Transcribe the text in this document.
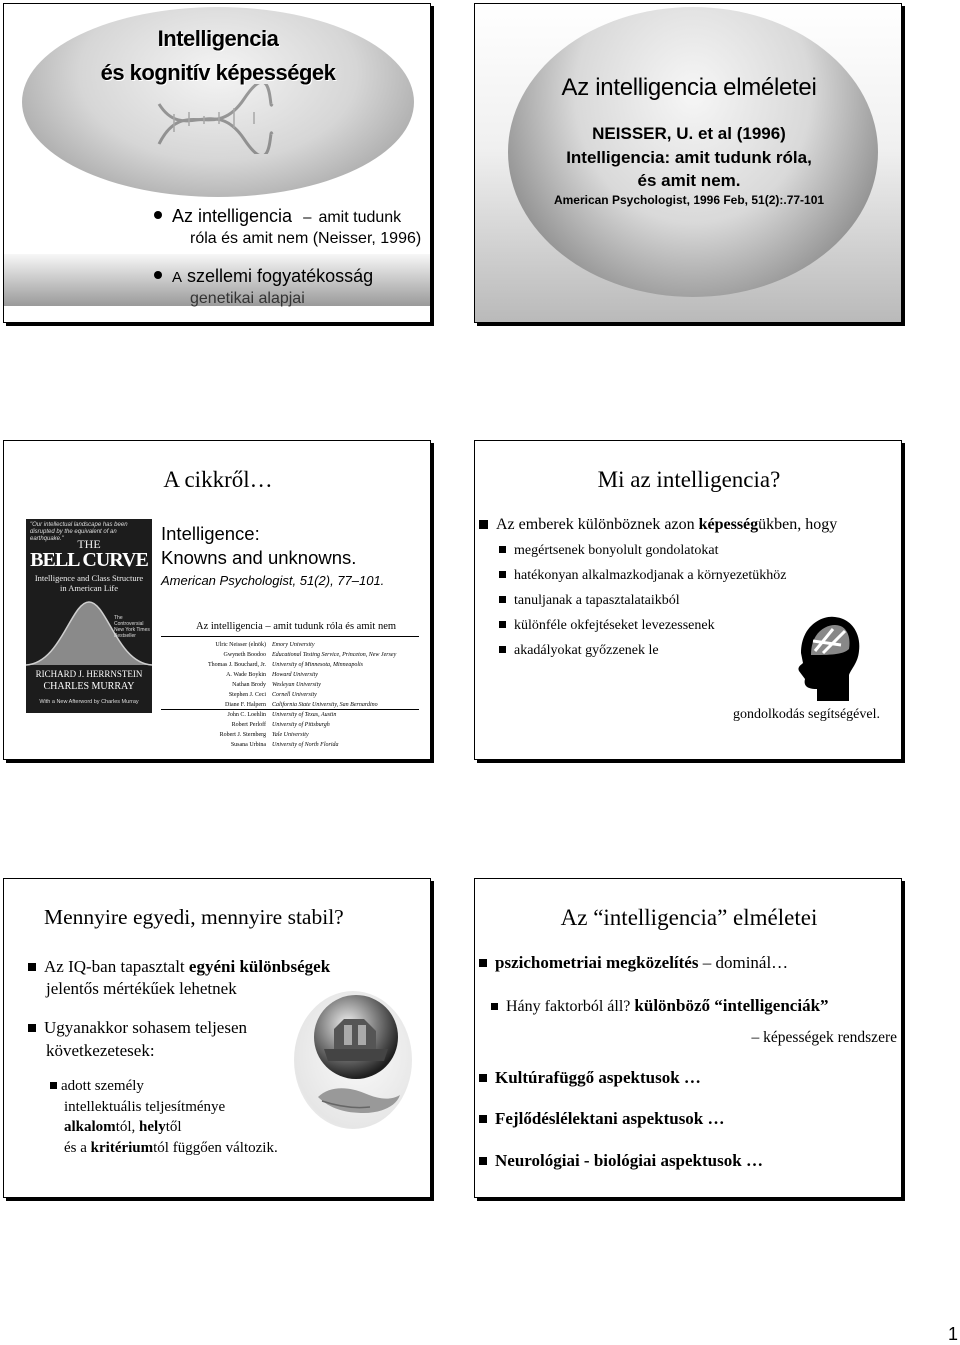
Intelligencia
és kognitív képességek
Az intelligencia – amit tudunk
róla és amit nem (Neisser, 1996)
A szellemi fogyatékosság
genetikai alapjai
Az intelligencia elméletei
NEISSER, U. et al (1996)
Intelligencia: amit tudunk róla,
és amit nem.
American Psychologist, 1996 Feb, 51(2):.77-101
A cikkről…
"Our intellectual landscape has been disrupted by the equivalent of an earthquake."	THE
BELL CURVE
Intelligence and Class Structure
in American Life
The
Controversial
New York Times
Bestseller
RICHARD J. HERRNSTEIN
CHARLES MURRAY
With a New Afterword by Charles Murray
Intelligence:
Knowns and unknowns.
American Psychologist, 51(2), 77–101.
Az intelligencia – amit tudunk róla és amit nem
Ulric Neisser (elnök) Emory University
Gwyneth Boodoo Educational Testing Service, Princeton, New Jersey
Thomas J. Bouchard, Jr. University of Minnesota, Minneapolis
A. Wade Boykin Howard University
Nathan Brody Wesleyan University
Stephen J. Ceci Cornell University
Diane F. Halpern California State University, San Bernardino
John C. Loehlin University of Texas, Austin
Robert Perloff University of Pittsburgh
Robert J. Sternberg Yale University
Susana Urbina University of North Florida
Mi az intelligencia?
Az emberek különböznek azon képességükben, hogy
megértsenek bonyolult gondolatokat
hatékonyan alkalmazkodjanak a környezetükhöz
tanuljanak a tapasztalataikból
különféle okfejtéseket levezessenek
akadályokat győzzenek le
gondolkodás segítségével.
Mennyire egyedi, mennyire stabil?
Az IQ-ban tapasztalt egyéni különbségek
jelentős mértékűek lehetnek
Ugyanakkor sohasem teljesen
következetesek:
adott személy
intellektuális teljesítménye
alkalomtól, helytől
és a kritériumtól függően változik.
Az “intelligencia” elméletei
pszichometriai megközelítés – dominál…
Hány faktorból áll? különböző “intelligenciák”
– képességek rendszere
Kultúrafüggő aspektusok …
Fejlődéslélektani aspektusok …
Neurológiai - biológiai aspektusok …
1
